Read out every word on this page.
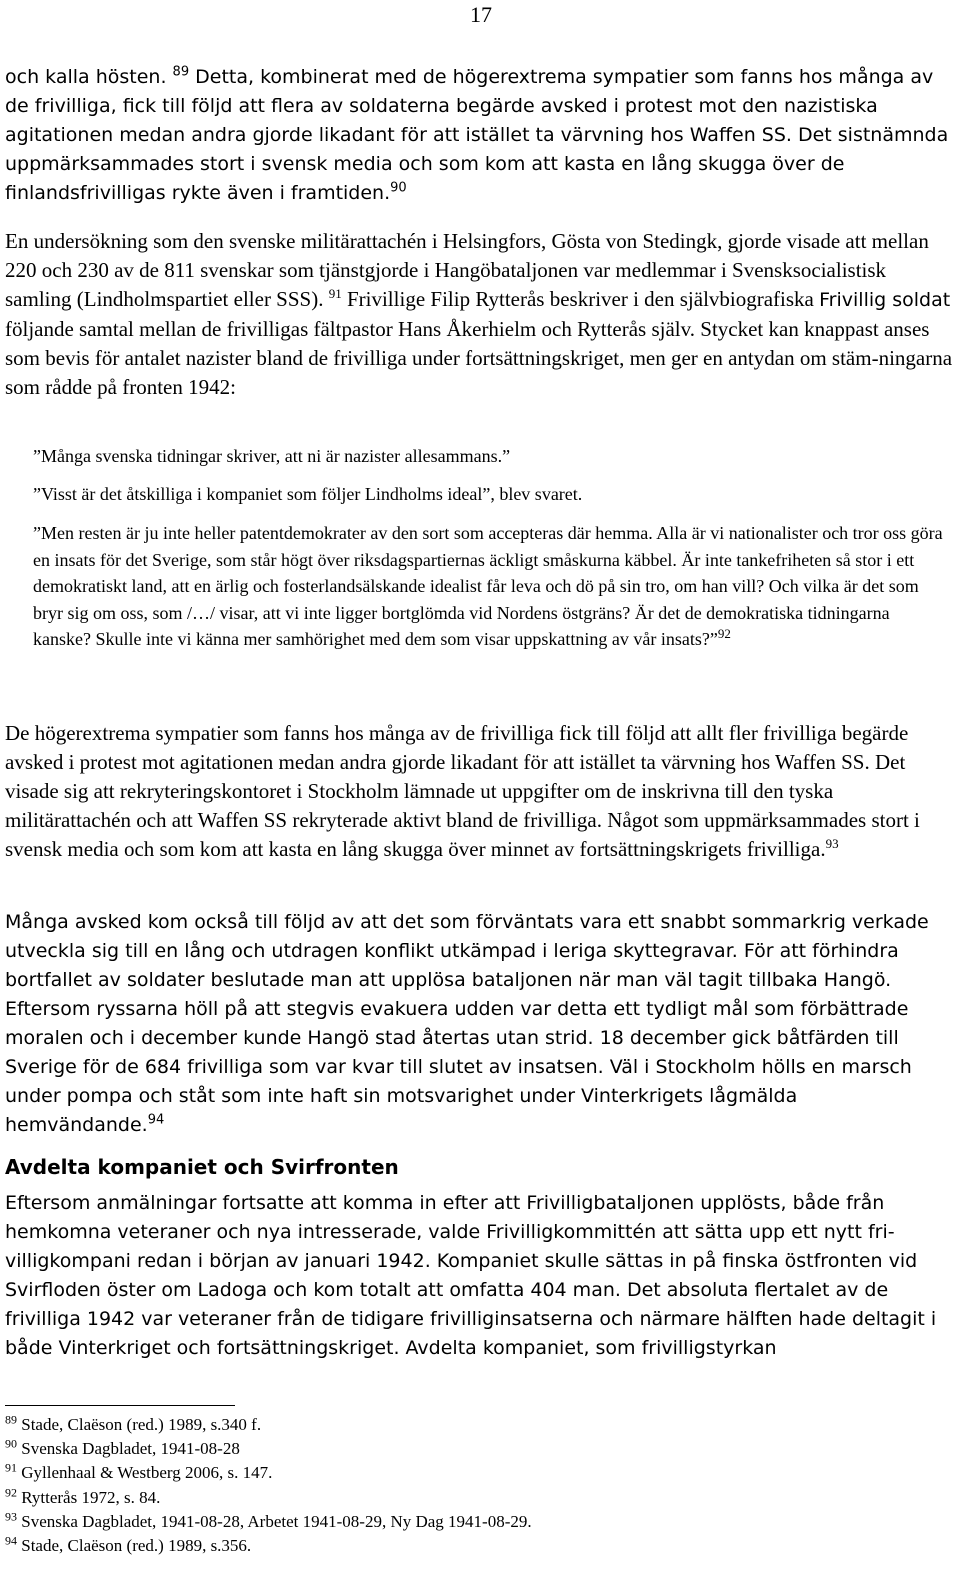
17

och kalla hösten. $^{89}$ Detta, kombinerat med de högerextrema sympatier som fanns hos många av de frivilliga, fick till följd att flera av soldaterna begärde avsked i protest mot den nazistiska agitationen medan andra gjorde likadant för att istället ta värvning hos Waffen SS. Det sistnämnda uppmärksammades stort i svensk media och som kom att kasta en lång skugga över de finlandsfrivilligas rykte även i framtiden.$^{90}$

En undersökning som den svenske militärattachén i Helsingfors, Gösta von Stedingk, gjorde visade att mellan 220 och 230 av de 811 svenskar som tjänstgjorde i Hangöbataljonen var medlemmar i Svensksocialistisk samling (Lindholmspartiet eller SSS). $^{91}$ Frivillige Filip Rytterås beskriver i den självbiografiska Frivillig soldat följande samtal mellan de frivilligas fältpastor Hans Åkerhielm och Rytterås själv. Stycket kan knappast anses som bevis för antalet nazister bland de frivilliga under fortsättningskriget, men ger en antydan om stäm-ningarna som rådde på fronten 1942:

”Många svenska tidningar skriver, att ni är nazister allesammans.”

”Visst är det åtskilliga i kompaniet som följer Lindholms ideal”, blev svaret.

”Men resten är ju inte heller patentdemokrater av den sort som accepteras där hemma. Alla är vi nationalister och tror oss göra en insats för det Sverige, som står högt över riksdagspartiernas äckligt småskurna käbbel. Är inte tankefriheten så stor i ett demokratiskt land, att en ärlig och fosterlandsälskande idealist får leva och dö på sin tro, om han vill? Och vilka är det som bryr sig om oss, som /…/ visar, att vi inte ligger bortglömda vid Nordens östgräns? Är det de demokratiska tidningarna kanske? Skulle inte vi känna mer samhörighet med dem som visar uppskattning av vår insats?”$^{92}$

De högerextrema sympatier som fanns hos många av de frivilliga fick till följd att allt fler frivilliga begärde avsked i protest mot agitationen medan andra gjorde likadant för att istället ta värvning hos Waffen SS. Det visade sig att rekryteringskontoret i Stockholm lämnade ut uppgifter om de inskrivna till den tyska militärattachén och att Waffen SS rekryterade aktivt bland de frivilliga. Något som uppmärksammades stort i svensk media och som kom att kasta en lång skugga över minnet av fortsättningskrigets frivilliga.$^{93}$

Många avsked kom också till följd av att det som förväntats vara ett snabbt sommarkrig verkade utveckla sig till en lång och utdragen konflikt utkämpad i leriga skyttegravar. För att förhindra bortfallet av soldater beslutade man att upplösa bataljonen när man väl tagit tillbaka Hangö. Eftersom ryssarna höll på att stegvis evakuera udden var detta ett tydligt mål som förbättrade moralen och i december kunde Hangö stad återtas utan strid. 18 december gick båtfärden till Sverige för de 684 frivilliga som var kvar till slutet av insatsen. Väl i Stockholm hölls en marsch under pompa och ståt som inte haft sin motsvarighet under Vinterkrigets lågmälda hemvändande.$^{94}$

Avdelta kompaniet och Svirfronten

Eftersom anmälningar fortsatte att komma in efter att Frivilligbataljonen upplösts, både från hemkomna veteraner och nya intresserade, valde Frivilligkommittén att sätta upp ett nytt fri-villigkompani redan i början av januari 1942. Kompaniet skulle sättas in på finska östfronten vid Svirfloden öster om Ladoga och kom totalt att omfatta 404 man. Det absoluta flertalet av de frivilliga 1942 var veteraner från de tidigare frivilliginsatserna och närmare hälften hade deltagit i både Vinterkriget och fortsättningskriget. Avdelta kompaniet, som frivilligstyrkan

$^{89}$ Stade, Claëson (red.) 1989, s.340 f.
$^{90}$ Svenska Dagbladet, 1941-08-28
$^{91}$ Gyllenhaal & Westberg 2006, s. 147.
$^{92}$ Rytterås 1972, s. 84.
$^{93}$ Svenska Dagbladet, 1941-08-28, Arbetet 1941-08-29, Ny Dag 1941-08-29.
$^{94}$ Stade, Claëson (red.) 1989, s.356.
